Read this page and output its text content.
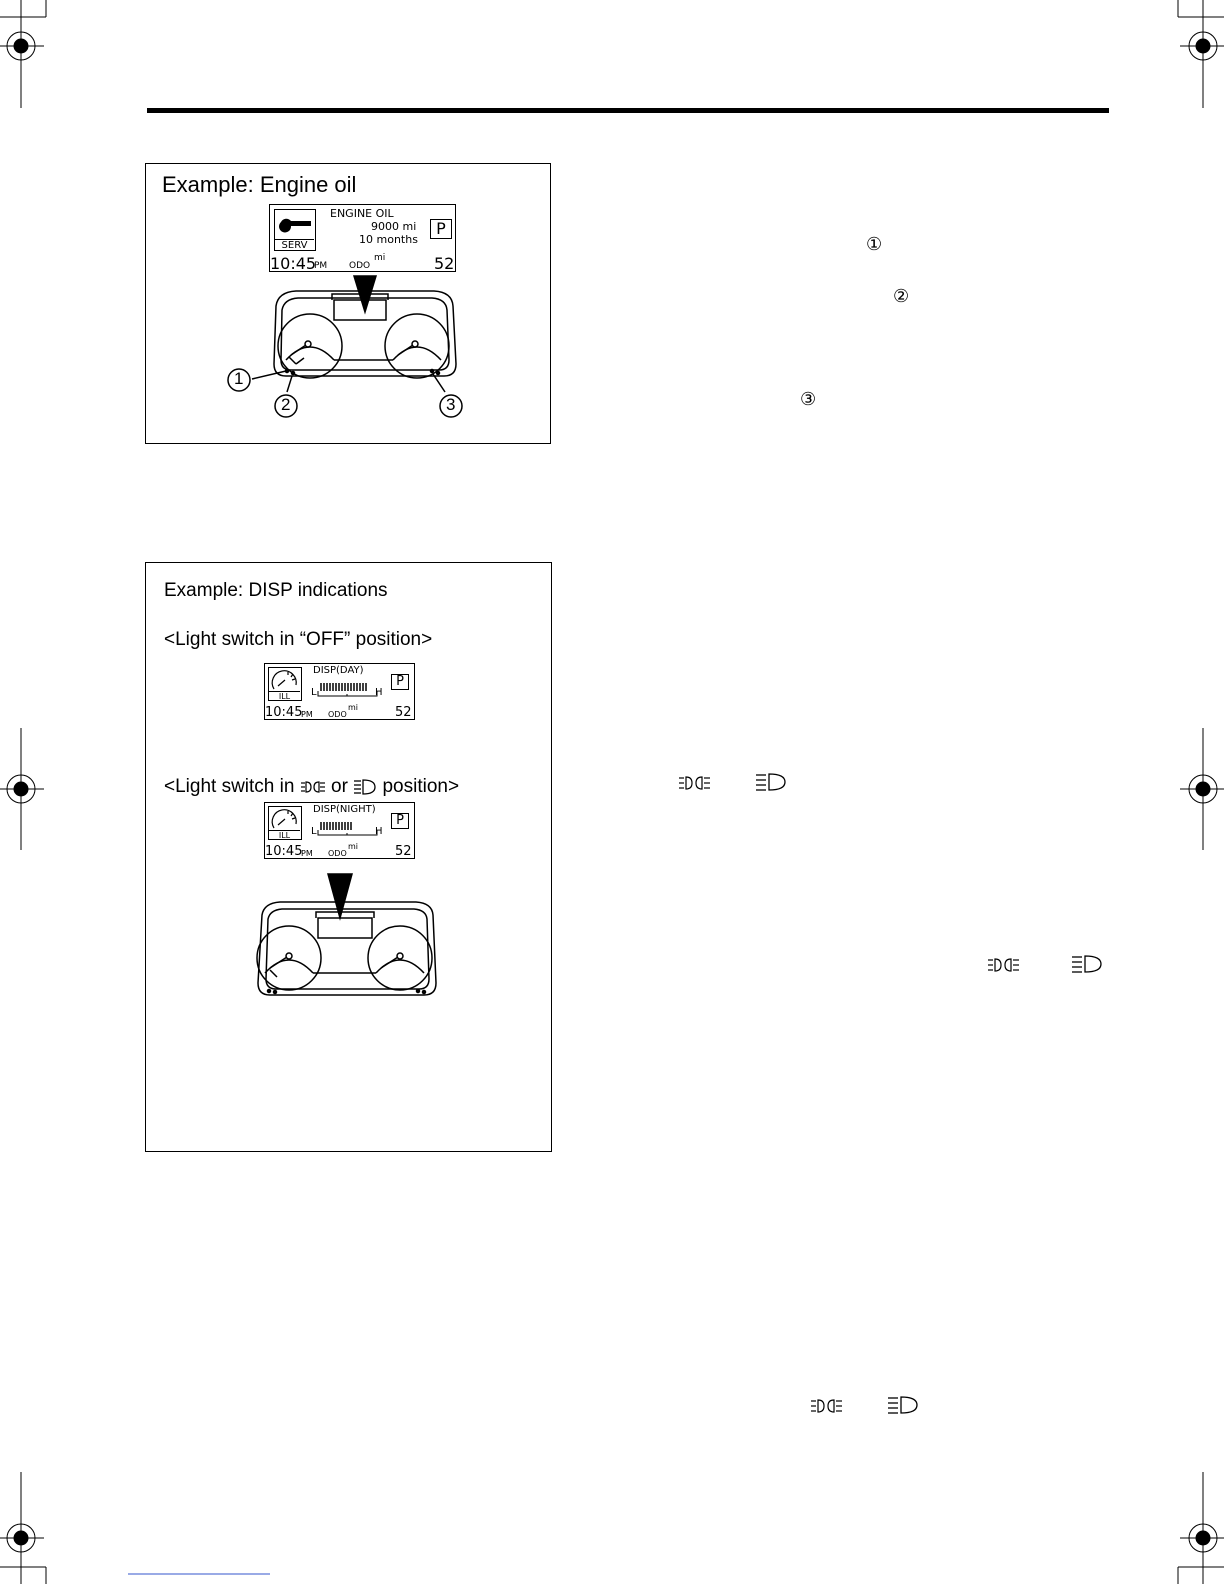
Example: Engine oil
SERV
ENGINE OIL
9000 mi
10 months
P
10:45
PM ODO
mi	52
1
2	3
①
②
③
Example: DISP indications
<Light switch in “OFF” position>
ILL
DISP(DAY)
L	H
P
10:45
PM ODO
mi	52
<Light switch in or position>
ILL
DISP(NIGHT)
L	H
P
10:45
PM ODO
mi	52
